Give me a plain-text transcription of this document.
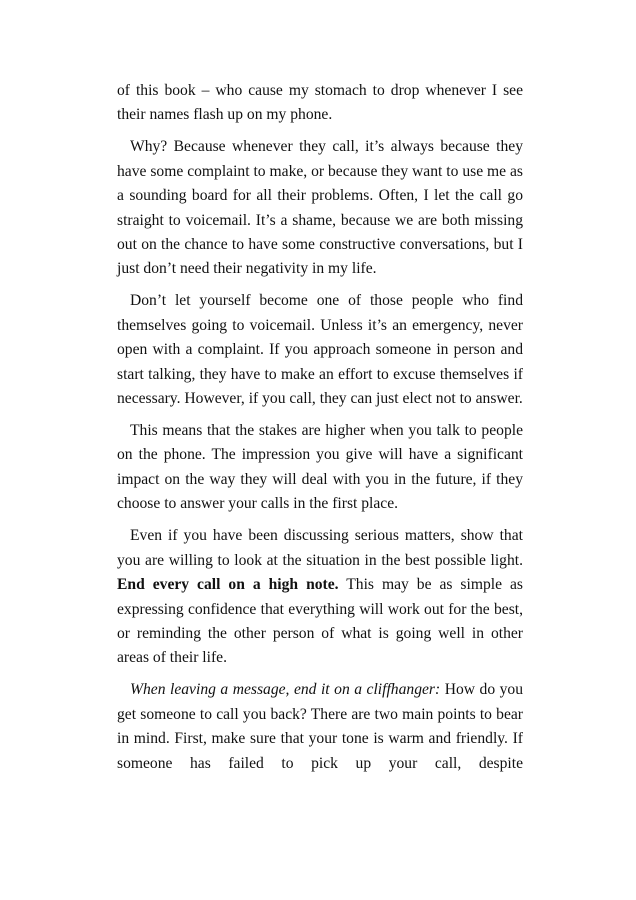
of this book – who cause my stomach to drop whenever I see their names flash up on my phone.

Why? Because whenever they call, it’s always because they have some complaint to make, or because they want to use me as a sounding board for all their problems. Often, I let the call go straight to voicemail. It’s a shame, because we are both missing out on the chance to have some constructive conversations, but I just don’t need their negativity in my life.

Don’t let yourself become one of those people who find themselves going to voicemail. Unless it’s an emergency, never open with a complaint. If you approach someone in person and start talking, they have to make an effort to excuse themselves if necessary. However, if you call, they can just elect not to answer.

This means that the stakes are higher when you talk to people on the phone. The impression you give will have a significant impact on the way they will deal with you in the future, if they choose to answer your calls in the first place.

Even if you have been discussing serious matters, show that you are willing to look at the situation in the best possible light. End every call on a high note. This may be as simple as expressing confidence that everything will work out for the best, or reminding the other person of what is going well in other areas of their life.

When leaving a message, end it on a cliffhanger: How do you get someone to call you back? There are two main points to bear in mind. First, make sure that your tone is warm and friendly. If someone has failed to pick up your call, despite
